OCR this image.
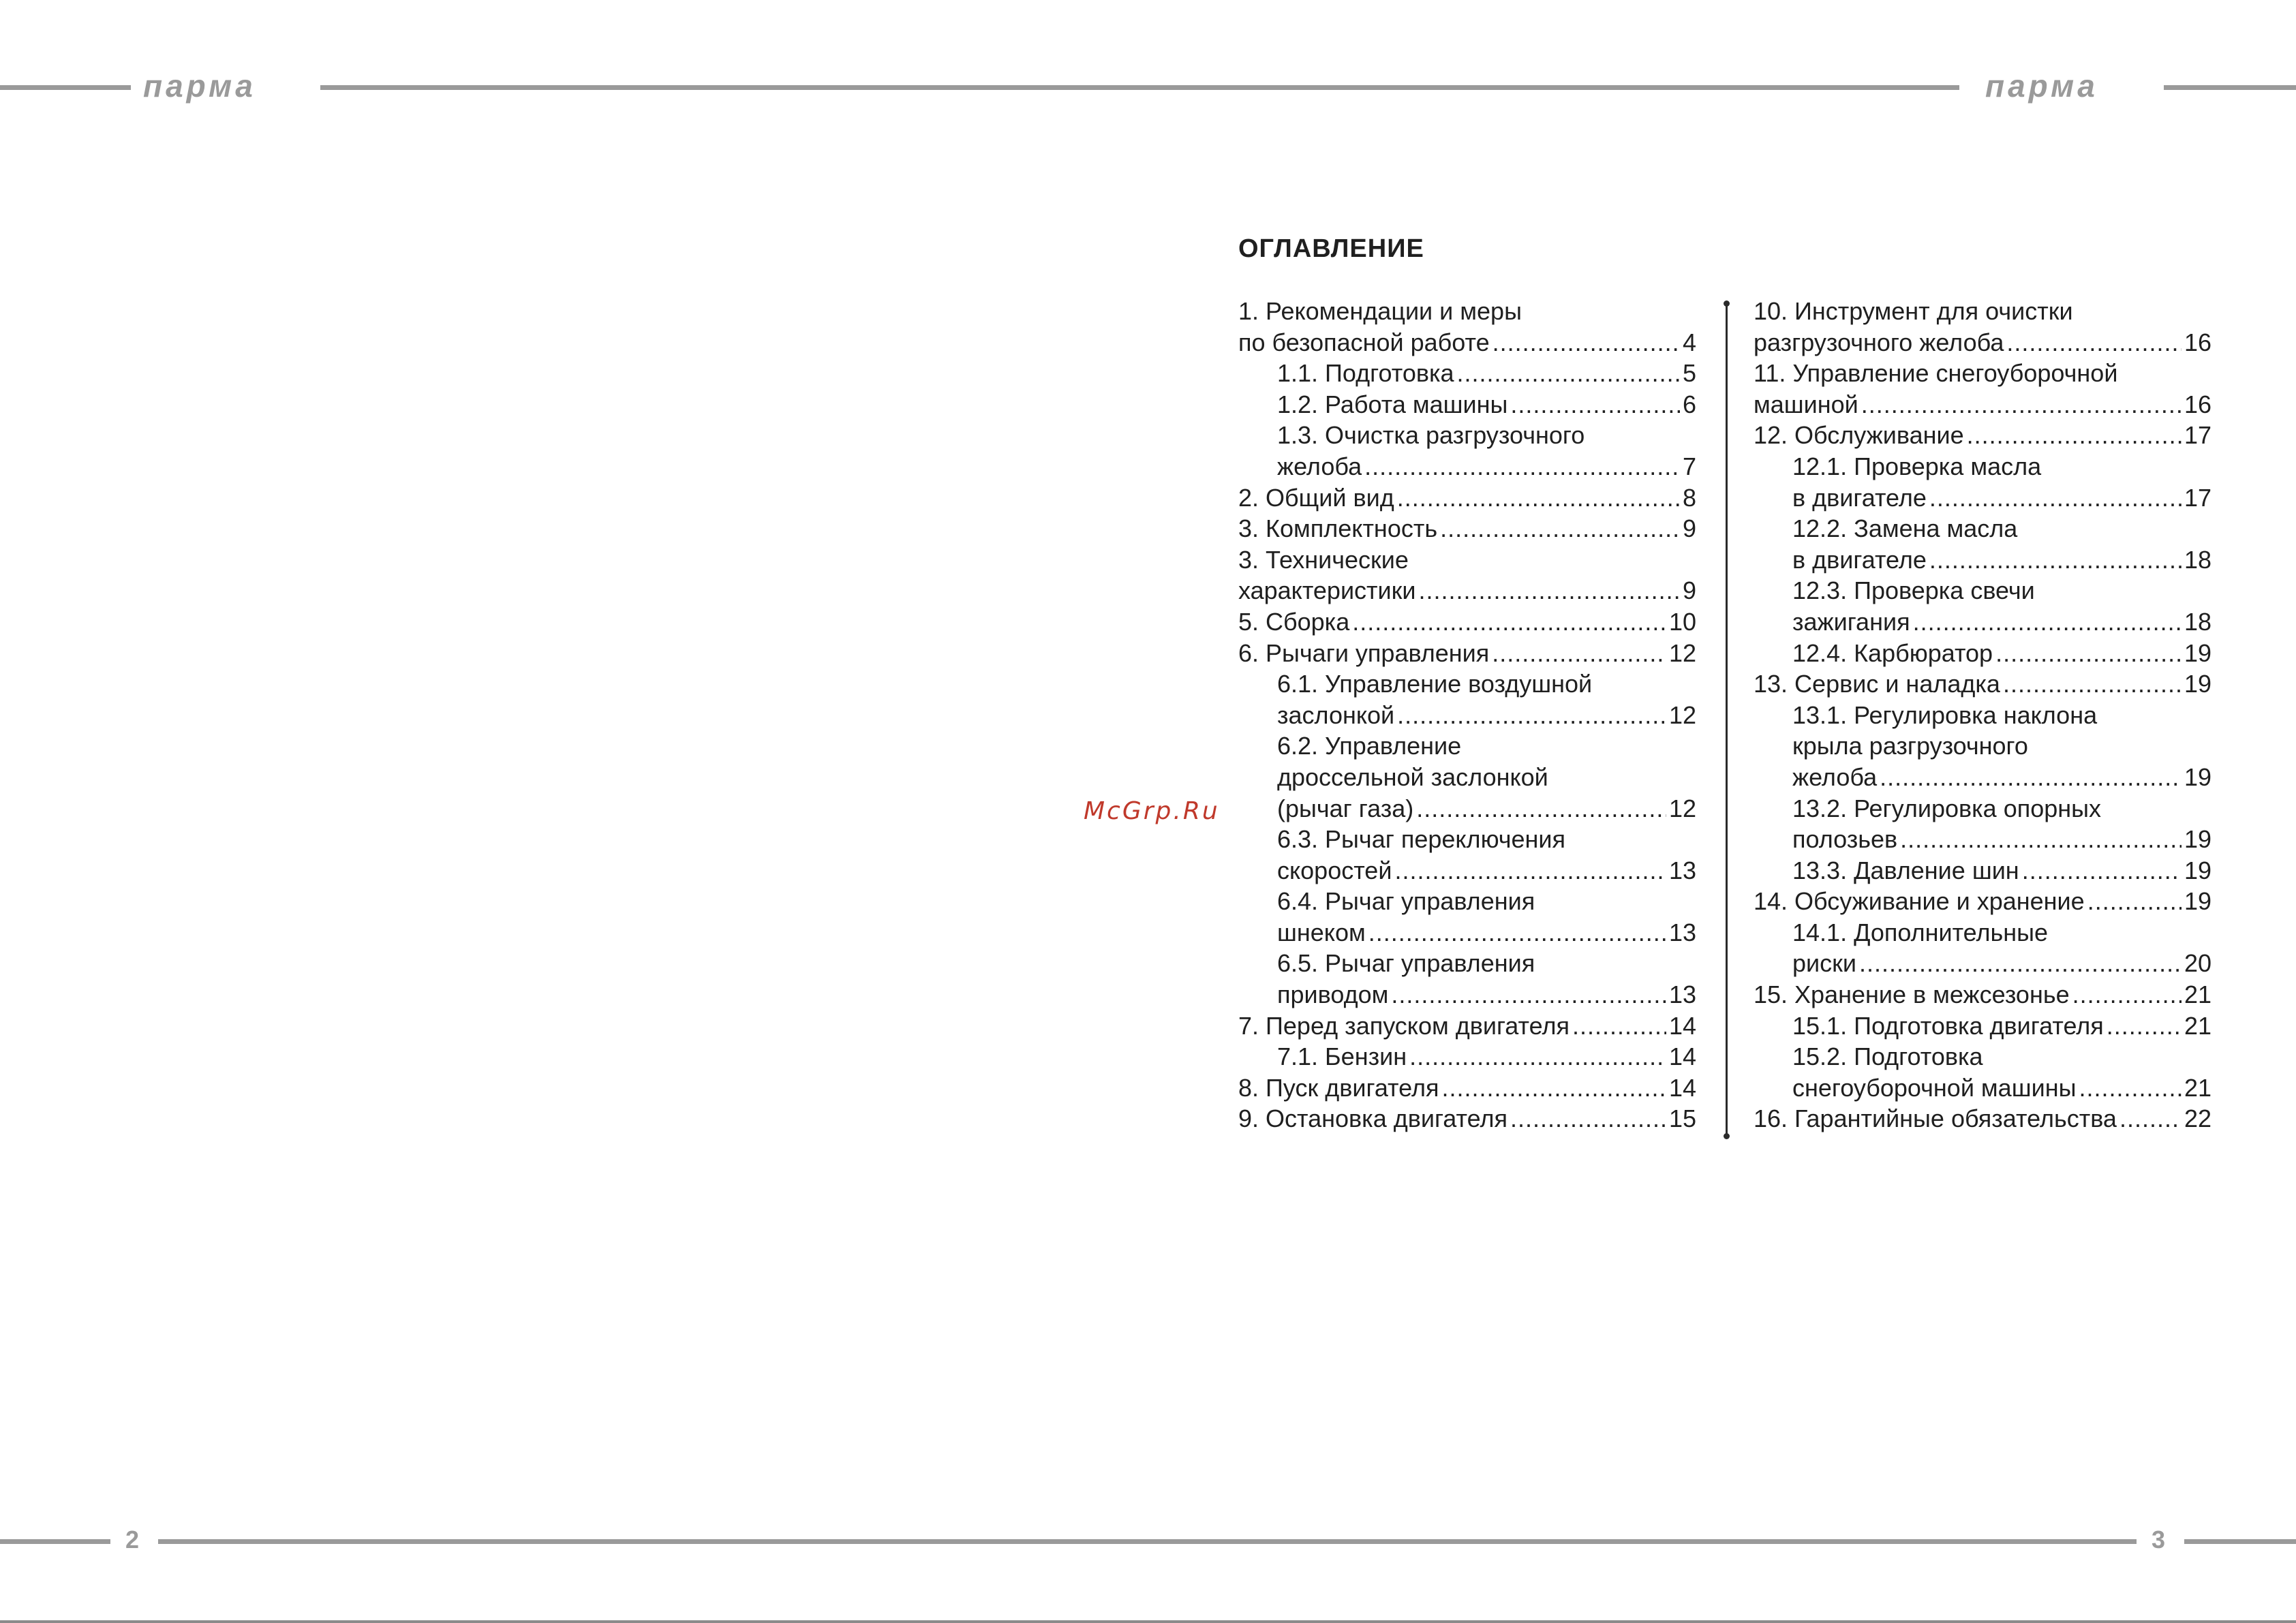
парма	парма
McGrp.Ru
ОГЛАВЛЕНИЕ
1. Рекомендации и меры
по безопасной работе .....	4
1.1. Подготовка .....	5
1.2. Работа машины .....	6
1.3. Очистка разгрузочного
желоба .....	7
2. Общий вид .....	8
3. Комплектность .....	9
3. Технические
характеристики .....	9
5. Сборка .....	10
6. Рычаги управления .....	12
6.1. Управление воздушной
заслонкой .....	12
6.2. Управление
дроссельной заслонкой
(рычаг газа) .....	12
6.3. Рычаг переключения
скоростей .....	13
6.4. Рычаг управления
шнеком .....	13
6.5. Рычаг управления
приводом .....	13
7. Перед запуском двигателя .....	14
7.1. Бензин .....	14
8. Пуск двигателя .....	14
9. Остановка двигателя .....	15
10. Инструмент для очистки
разгрузочного желоба .....	16
11. Управление снегоуборочной
машиной .....	16
12. Обслуживание .....	17
12.1. Проверка масла
в двигателе .....	17
12.2. Замена масла
в двигателе .....	18
12.3. Проверка свечи
зажигания .....	18
12.4. Карбюратор .....	19
13. Сервис и наладка .....	19
13.1. Регулировка наклона
крыла разгрузочного
желоба .....	19
13.2. Регулировка опорных
полозьев .....	19
13.3. Давление шин .....	19
14. Обсуживание и хранение .....	19
14.1. Дополнительные
риски .....	20
15. Хранение в межсезонье .....	21
15.1. Подготовка двигателя .....	21
15.2. Подготовка
снегоуборочной машины .....	21
16. Гарантийные обязательства .....	22
2	3
